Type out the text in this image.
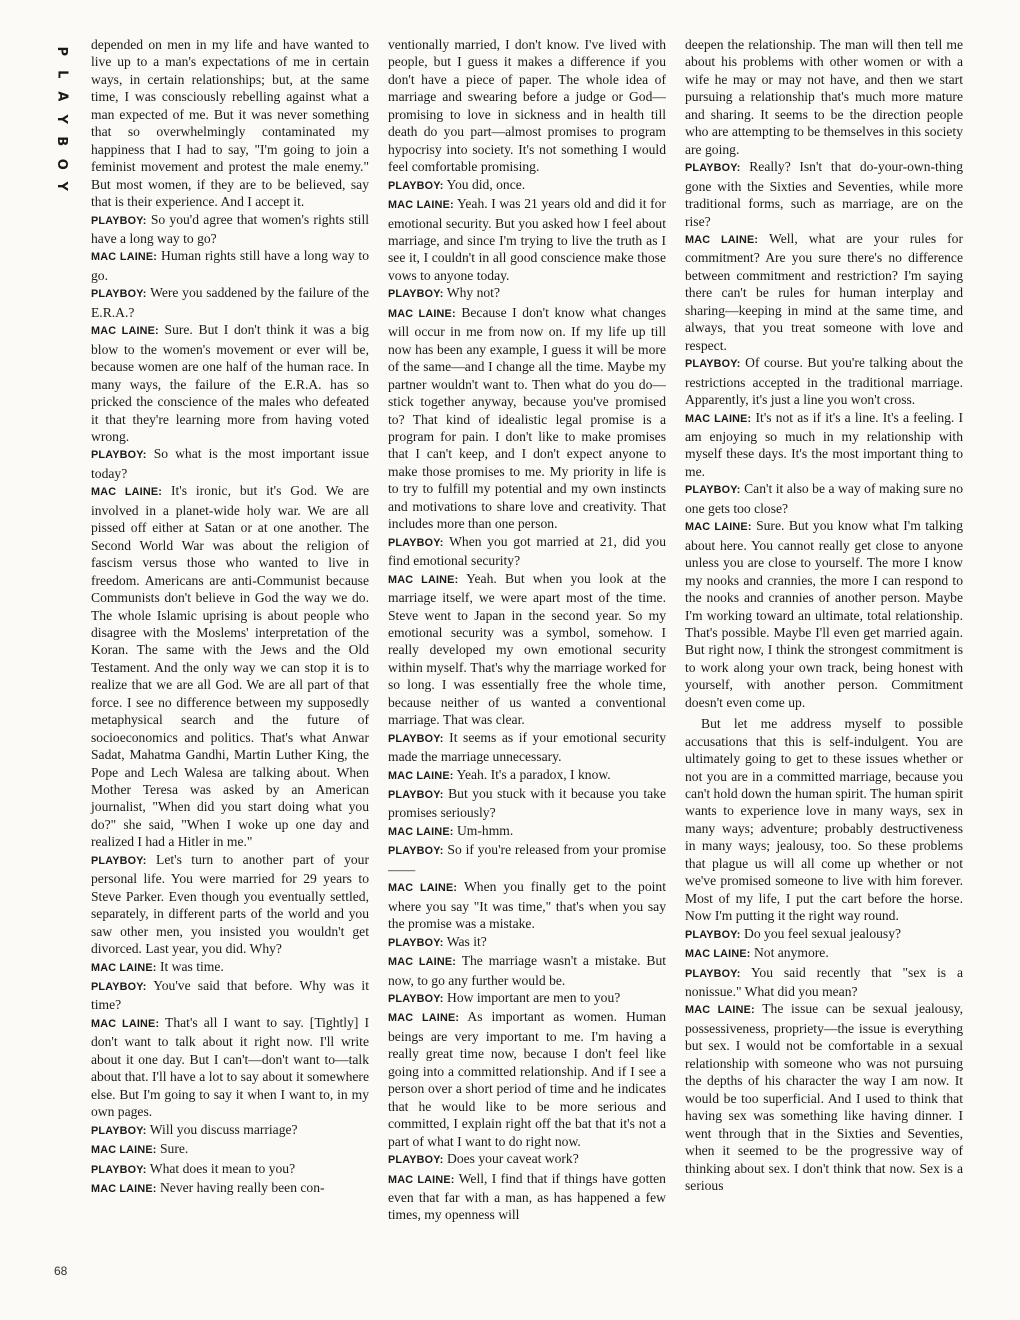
P
L
A
Y
B
O
Y

depended on men in my life and have wanted to live up to a man's expectations of me in certain ways, in certain relationships; but, at the same time, I was consciously rebelling against what a man expected of me. But it was never something that so overwhelmingly contaminated my happiness that I had to say, "I'm going to join a feminist movement and protest the male enemy." But most women, if they are to be believed, say that is their experience. And I accept it.

PLAYBOY: So you'd agree that women's rights still have a long way to go?

MAC LAINE: Human rights still have a long way to go.

PLAYBOY: Were you saddened by the failure of the E.R.A.?

MAC LAINE: Sure. But I don't think it was a big blow to the women's movement or ever will be, because women are one half of the human race. In many ways, the failure of the E.R.A. has so pricked the conscience of the males who defeated it that they're learning more from having voted wrong.

PLAYBOY: So what is the most important issue today?

MAC LAINE: It's ironic, but it's God. We are involved in a planet-wide holy war. We are all pissed off either at Satan or at one another. The Second World War was about the religion of fascism versus those who wanted to live in freedom. Americans are anti-Communist because Communists don't believe in God the way we do. The whole Islamic uprising is about people who disagree with the Moslems' interpretation of the Koran. The same with the Jews and the Old Testament. And the only way we can stop it is to realize that we are all God. We are all part of that force. I see no difference between my supposedly metaphysical search and the future of socioeconomics and politics. That's what Anwar Sadat, Mahatma Gandhi, Martin Luther King, the Pope and Lech Walesa are talking about. When Mother Teresa was asked by an American journalist, "When did you start doing what you do?" she said, "When I woke up one day and realized I had a Hitler in me."

PLAYBOY: Let's turn to another part of your personal life. You were married for 29 years to Steve Parker. Even though you eventually settled, separately, in different parts of the world and you saw other men, you insisted you wouldn't get divorced. Last year, you did. Why?

MAC LAINE: It was time.

PLAYBOY: You've said that before. Why was it time?

MAC LAINE: That's all I want to say. [Tightly] I don't want to talk about it right now. I'll write about it one day. But I can't—don't want to—talk about that. I'll have a lot to say about it somewhere else. But I'm going to say it when I want to, in my own pages.

PLAYBOY: Will you discuss marriage?

MAC LAINE: Sure.

PLAYBOY: What does it mean to you?

MAC LAINE: Never having really been con-

ventionally married, I don't know. I've lived with people, but I guess it makes a difference if you don't have a piece of paper. The whole idea of marriage and swearing before a judge or God—promising to love in sickness and in health till death do you part—almost promises to program hypocrisy into society. It's not something I would feel comfortable promising.

PLAYBOY: You did, once.

MAC LAINE: Yeah. I was 21 years old and did it for emotional security. But you asked how I feel about marriage, and since I'm trying to live the truth as I see it, I couldn't in all good conscience make those vows to anyone today.

PLAYBOY: Why not?

MAC LAINE: Because I don't know what changes will occur in me from now on. If my life up till now has been any example, I guess it will be more of the same—and I change all the time. Maybe my partner wouldn't want to. Then what do you do—stick together anyway, because you've promised to? That kind of idealistic legal promise is a program for pain. I don't like to make promises that I can't keep, and I don't expect anyone to make those promises to me. My priority in life is to try to fulfill my potential and my own instincts and motivations to share love and creativity. That includes more than one person.

PLAYBOY: When you got married at 21, did you find emotional security?

MAC LAINE: Yeah. But when you look at the marriage itself, we were apart most of the time. Steve went to Japan in the second year. So my emotional security was a symbol, somehow. I really developed my own emotional security within myself. That's why the marriage worked for so long. I was essentially free the whole time, because neither of us wanted a conventional marriage. That was clear.

PLAYBOY: It seems as if your emotional security made the marriage unnecessary.

MAC LAINE: Yeah. It's a paradox, I know.

PLAYBOY: But you stuck with it because you take promises seriously?

MAC LAINE: Um-hmm.

PLAYBOY: So if you're released from your promise——

MAC LAINE: When you finally get to the point where you say "It was time," that's when you say the promise was a mistake.

PLAYBOY: Was it?

MAC LAINE: The marriage wasn't a mistake. But now, to go any further would be.

PLAYBOY: How important are men to you?

MAC LAINE: As important as women. Human beings are very important to me. I'm having a really great time now, because I don't feel like going into a committed relationship. And if I see a person over a short period of time and he indicates that he would like to be more serious and committed, I explain right off the bat that it's not a part of what I want to do right now.

PLAYBOY: Does your caveat work?

MAC LAINE: Well, I find that if things have gotten even that far with a man, as has happened a few times, my openness will

deepen the relationship. The man will then tell me about his problems with other women or with a wife he may or may not have, and then we start pursuing a relationship that's much more mature and sharing. It seems to be the direction people who are attempting to be themselves in this society are going.

PLAYBOY: Really? Isn't that do-your-own-thing gone with the Sixties and Seventies, while more traditional forms, such as marriage, are on the rise?

MAC LAINE: Well, what are your rules for commitment? Are you sure there's no difference between commitment and restriction? I'm saying there can't be rules for human interplay and sharing—keeping in mind at the same time, and always, that you treat someone with love and respect.

PLAYBOY: Of course. But you're talking about the restrictions accepted in the traditional marriage. Apparently, it's just a line you won't cross.

MAC LAINE: It's not as if it's a line. It's a feeling. I am enjoying so much in my relationship with myself these days. It's the most important thing to me.

PLAYBOY: Can't it also be a way of making sure no one gets too close?

MAC LAINE: Sure. But you know what I'm talking about here. You cannot really get close to anyone unless you are close to yourself. The more I know my nooks and crannies, the more I can respond to the nooks and crannies of another person. Maybe I'm working toward an ultimate, total relationship. That's possible. Maybe I'll even get married again. But right now, I think the strongest commitment is to work along your own track, being honest with yourself, with another person. Commitment doesn't even come up.

But let me address myself to possible accusations that this is self-indulgent. You are ultimately going to get to these issues whether or not you are in a committed marriage, because you can't hold down the human spirit. The human spirit wants to experience love in many ways, sex in many ways; adventure; probably destructiveness in many ways; jealousy, too. So these problems that plague us will all come up whether or not we've promised someone to live with him forever. Most of my life, I put the cart before the horse. Now I'm putting it the right way round.

PLAYBOY: Do you feel sexual jealousy?

MAC LAINE: Not anymore.

PLAYBOY: You said recently that "sex is a nonissue." What did you mean?

MAC LAINE: The issue can be sexual jealousy, possessiveness, propriety—the issue is everything but sex. I would not be comfortable in a sexual relationship with someone who was not pursuing the depths of his character the way I am now. It would be too superficial. And I used to think that having sex was something like having dinner. I went through that in the Sixties and Seventies, when it seemed to be the progressive way of thinking about sex. I don't think that now. Sex is a serious

68
